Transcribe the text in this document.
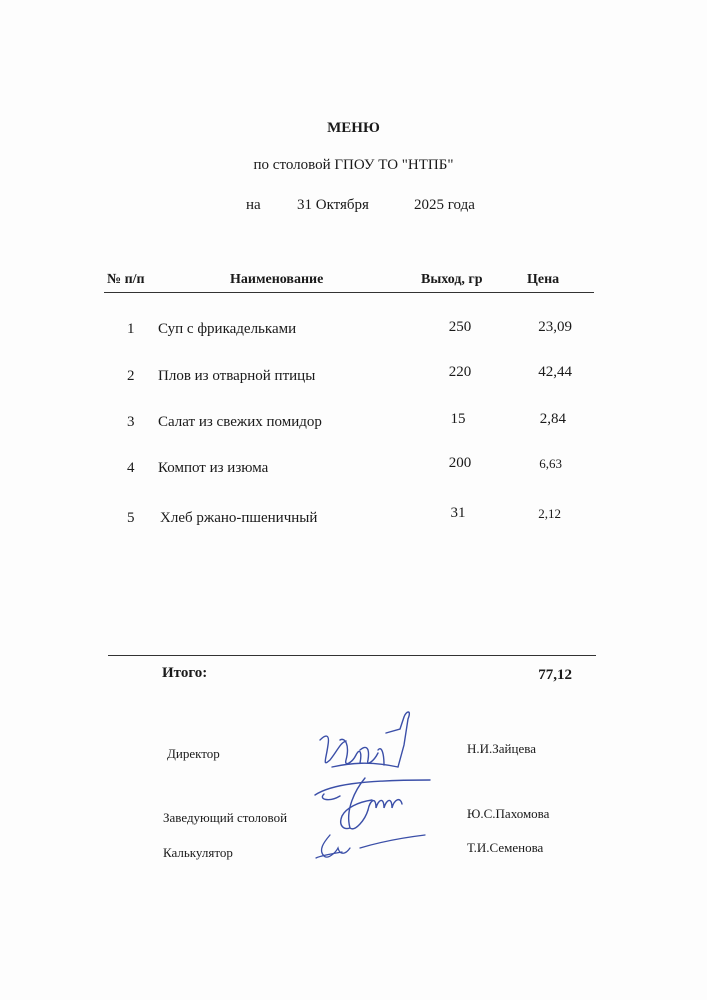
МЕНЮ
по столовой ГПОУ ТО "НТПБ"
на 31 Октября	2025 года
№ п/п	Наименование	Выход, гр	Цена
1 Суп с фрикадельками	250	23,09
2 Плов из отварной птицы	220	42,44
3 Салат из свежих помидор	15	2,84
4 Компот из изюма	200	6,63
5 Хлеб ржано-пшеничный	31	2,12
Итого:	77,12
Директор	Н.И.Зайцева
Заведующий столовой	Ю.С.Пахомова
Калькулятор	Т.И.Семенова
